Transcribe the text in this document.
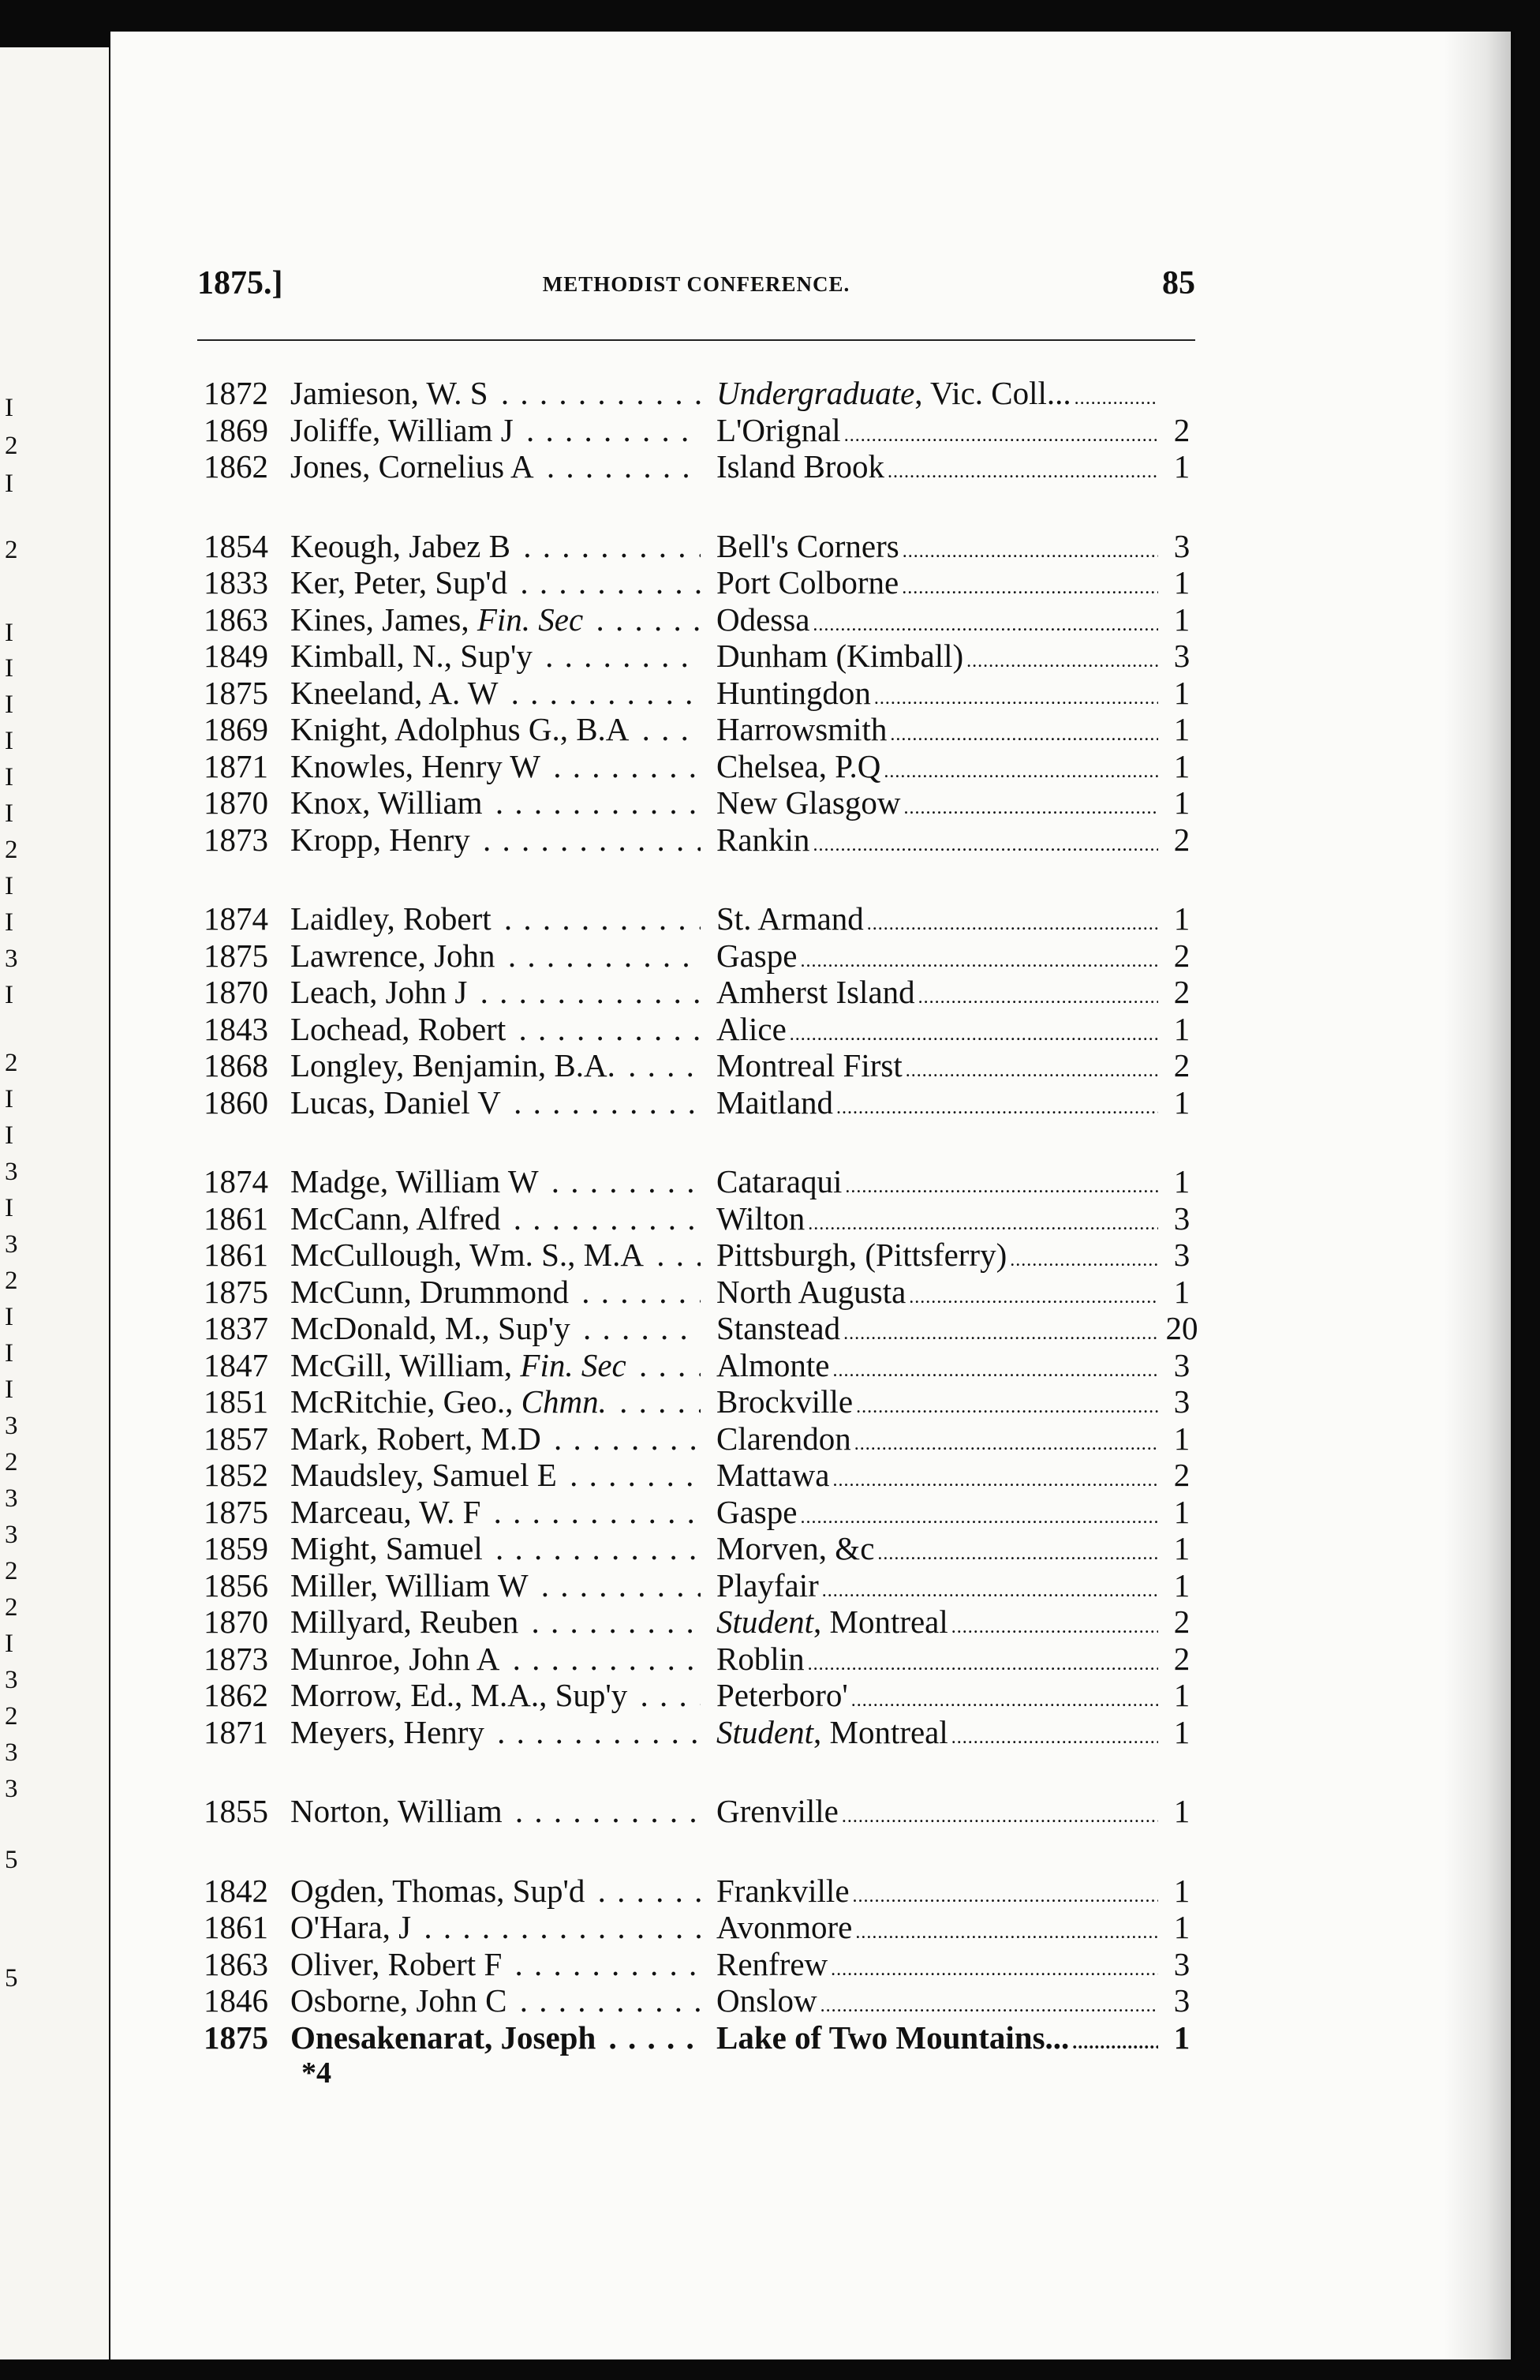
I
2
I
2
I
I
I
I
I
I
2
I
I
3
I
2
I
I
3
I
3
2
I
I
I
3
2
3
3
2
2
I
3
2
3
3
5
5
1875.]	METHODIST CONFERENCE.	85
1872 Jamieson, W. S . . .	Undergraduate, Vic. Coll... .....
1869 Joliffe, William J . . .	L'Orignal .....	2
1862 Jones, Cornelius A . . .	Island Brook .....	1
1854 Keough, Jabez B . . .	Bell's Corners .....	3
1833 Ker, Peter, Sup'd . . .	Port Colborne .....	1
1863 Kines, James, Fin. Sec . . .	Odessa .....	1
1849 Kimball, N., Sup'y . . .	Dunham (Kimball) .....	3
1875 Kneeland, A. W . . .	Huntingdon .....	1
1869 Knight, Adolphus G., B.A . . .	Harrowsmith .....	1
1871 Knowles, Henry W . . .	Chelsea, P.Q .....	1
1870 Knox, William . . .	New Glasgow .....	1
1873 Kropp, Henry . . .	Rankin .....	2
1874 Laidley, Robert . . .	St. Armand .....	1
1875 Lawrence, John . . .	Gaspe .....	2
1870 Leach, John J . . .	Amherst Island .....	2
1843 Lochead, Robert . . .	Alice .....	1
1868 Longley, Benjamin, B.A. . . .	Montreal First .....	2
1860 Lucas, Daniel V . . .	Maitland .....	1
1874 Madge, William W . . .	Cataraqui .....	1
1861 McCann, Alfred . . .	Wilton .....	3
1861 McCullough, Wm. S., M.A . . .	Pittsburgh, (Pittsferry) .....	3
1875 McCunn, Drummond . . .	North Augusta .....	1
1837 McDonald, M., Sup'y . . .	Stanstead .....	20
1847 McGill, William, Fin. Sec . . .	Almonte .....	3
1851 McRitchie, Geo., Chmn. . . .	Brockville .....	3
1857 Mark, Robert, M.D . . .	Clarendon .....	1
1852 Maudsley, Samuel E . . .	Mattawa .....	2
1875 Marceau, W. F . . .	Gaspe .....	1
1859 Might, Samuel . . .	Morven, &c .....	1
1856 Miller, William W . . .	Playfair .....	1
1870 Millyard, Reuben . . .	Student, Montreal .....	2
1873 Munroe, John A . . .	Roblin .....	2
1862 Morrow, Ed., M.A., Sup'y . . .	Peterboro' .....	1
1871 Meyers, Henry . . .	Student, Montreal .....	1
1855 Norton, William . . .	Grenville .....	1
1842 Ogden, Thomas, Sup'd . . .	Frankville .....	1
1861 O'Hara, J . . .	Avonmore .....	1
1863 Oliver, Robert F . . .	Renfrew .....	3
1846 Osborne, John C . . .	Onslow .....	3
1875 Onesakenarat, Joseph . . .	Lake of Two Mountains... .....	1
*4
